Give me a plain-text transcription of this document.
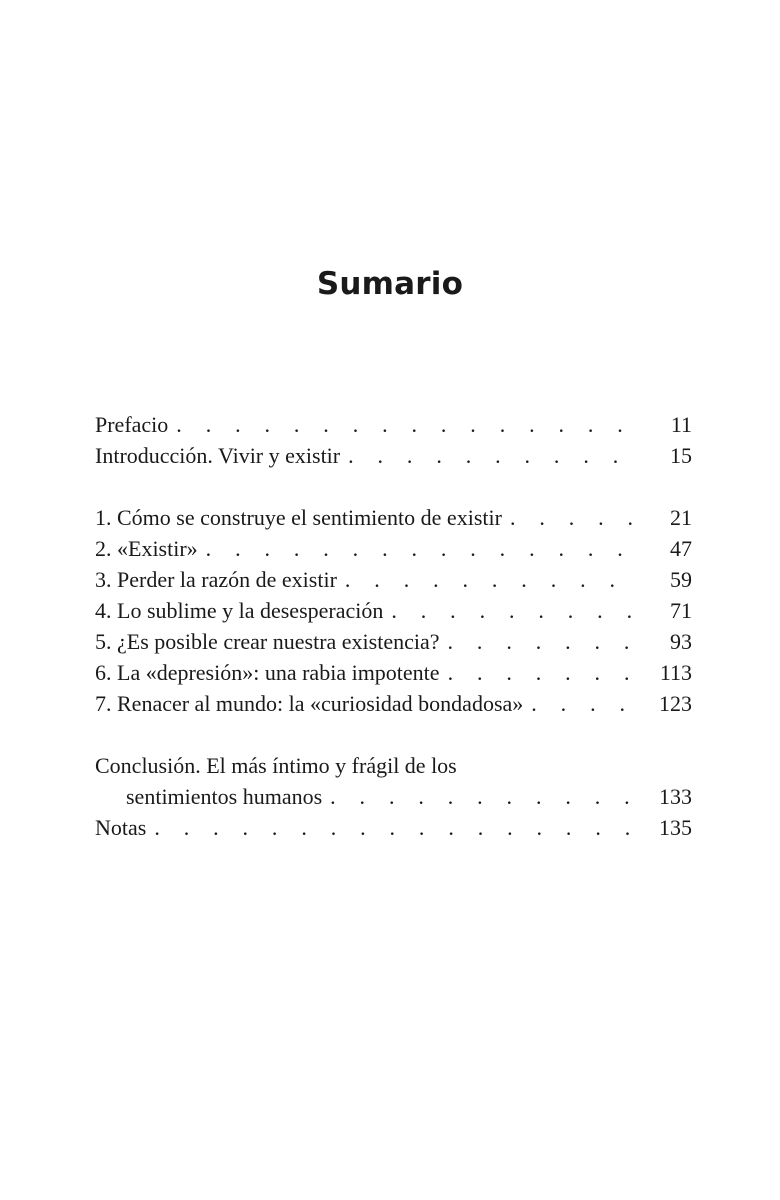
Sumario
Prefacio . . .	11
Introducción. Vivir y existir . . .	15
1. Cómo se construye el sentimiento de existir . . .	21
2. «Existir» . . .	47
3. Perder la razón de existir . . .	59
4. Lo sublime y la desesperación . . .	71
5. ¿Es posible crear nuestra existencia? . . .	93
6. La «depresión»: una rabia impotente . . .	113
7. Renacer al mundo: la «curiosidad bondadosa» . . .	123
Conclusión. El más íntimo y frágil de los
sentimientos humanos . . .	133
Notas . . .	135
